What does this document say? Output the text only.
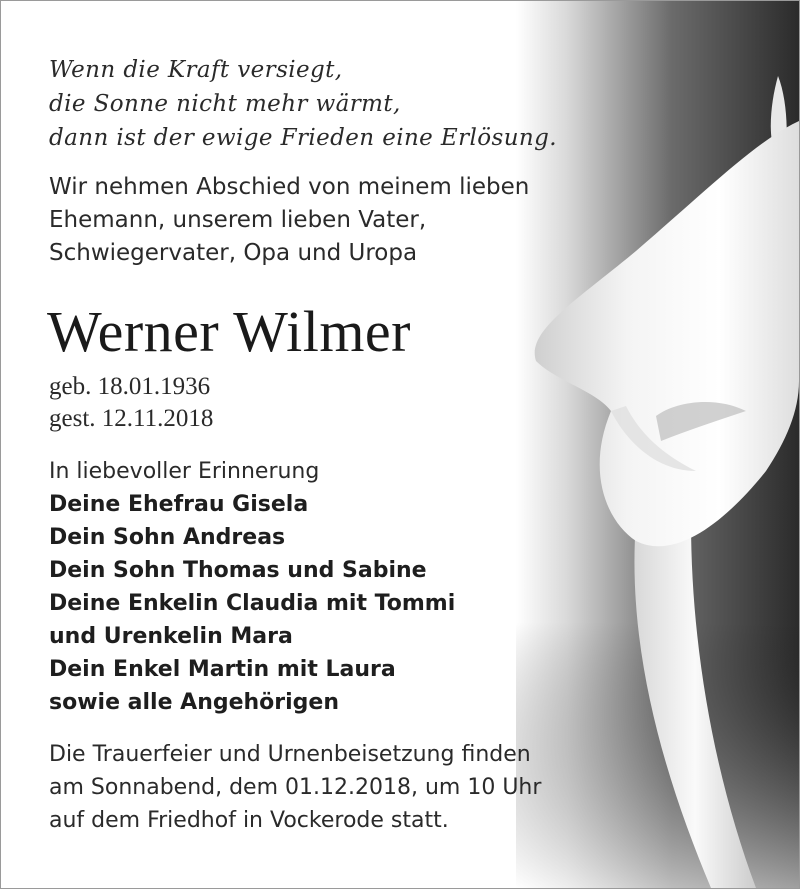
Wenn die Kraft versiegt,
die Sonne nicht mehr wärmt,
dann ist der ewige Frieden eine Erlösung.
Wir nehmen Abschied von meinem lieben
Ehemann, unserem lieben Vater,
Schwiegervater, Opa und Uropa
Werner Wilmer
geb. 18.01.1936
gest. 12.11.2018
In liebevoller Erinnerung
Deine Ehefrau Gisela
Dein Sohn Andreas
Dein Sohn Thomas und Sabine
Deine Enkelin Claudia mit Tommi
und Urenkelin Mara
Dein Enkel Martin mit Laura
sowie alle Angehörigen
Die Trauerfeier und Urnenbeisetzung finden
am Sonnabend, dem 01.12.2018, um 10 Uhr
auf dem Friedhof in Vockerode statt.
